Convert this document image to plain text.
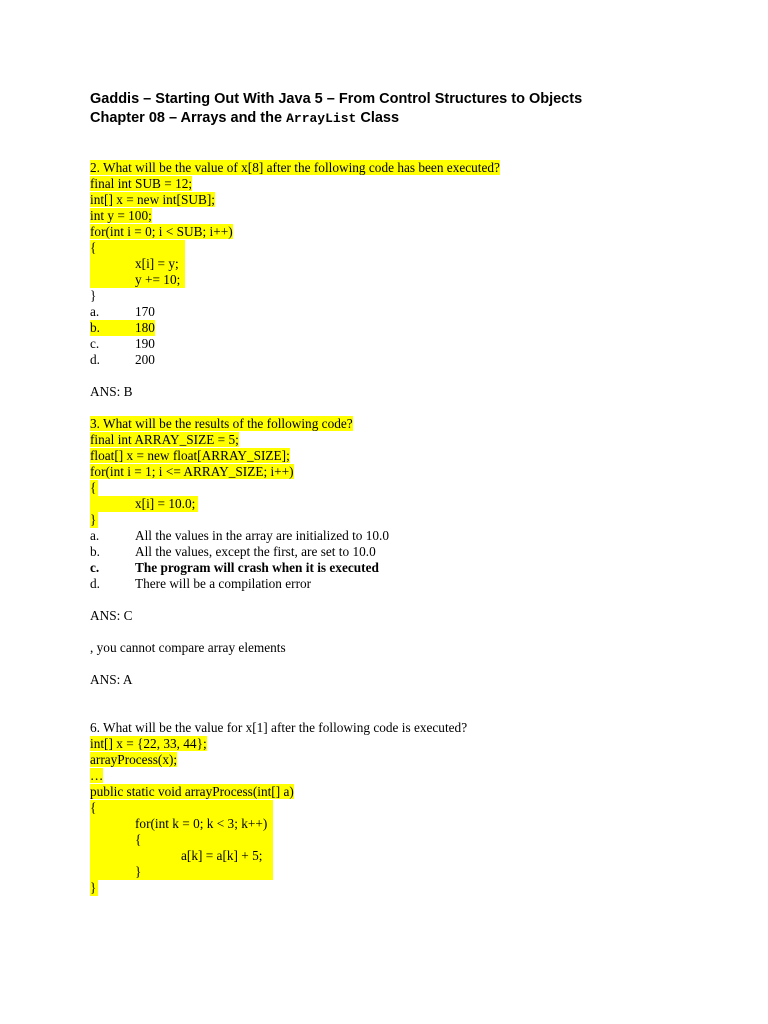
Gaddis – Starting Out With Java 5 – From Control Structures to Objects
Chapter 08 – Arrays and the ArrayList Class
2. What will be the value of x[8] after the following code has been executed?
final int SUB = 12;
int[] x = new int[SUB];
int y = 100;
for(int i = 0; i < SUB; i++)
{
x[i] = y;
y += 10;
}
a.	170
b.	180
c.	190
d.	200
ANS: B
3. What will be the results of the following code?
final int ARRAY_SIZE = 5;
float[] x = new float[ARRAY_SIZE];
for(int i = 1; i <= ARRAY_SIZE; i++)
{
x[i] = 10.0;
}
a.	All the values in the array are initialized to 10.0
b.	All the values, except the first, are set to 10.0
c.	The program will crash when it is executed
d.	There will be a compilation error
ANS: C
, you cannot compare array elements
ANS: A
6. What will be the value for x[1] after the following code is executed?
int[] x = {22, 33, 44};
arrayProcess(x);
…
public static void arrayProcess(int[] a)
{
for(int k = 0; k < 3; k++)
{
a[k] = a[k] + 5;
}
}
